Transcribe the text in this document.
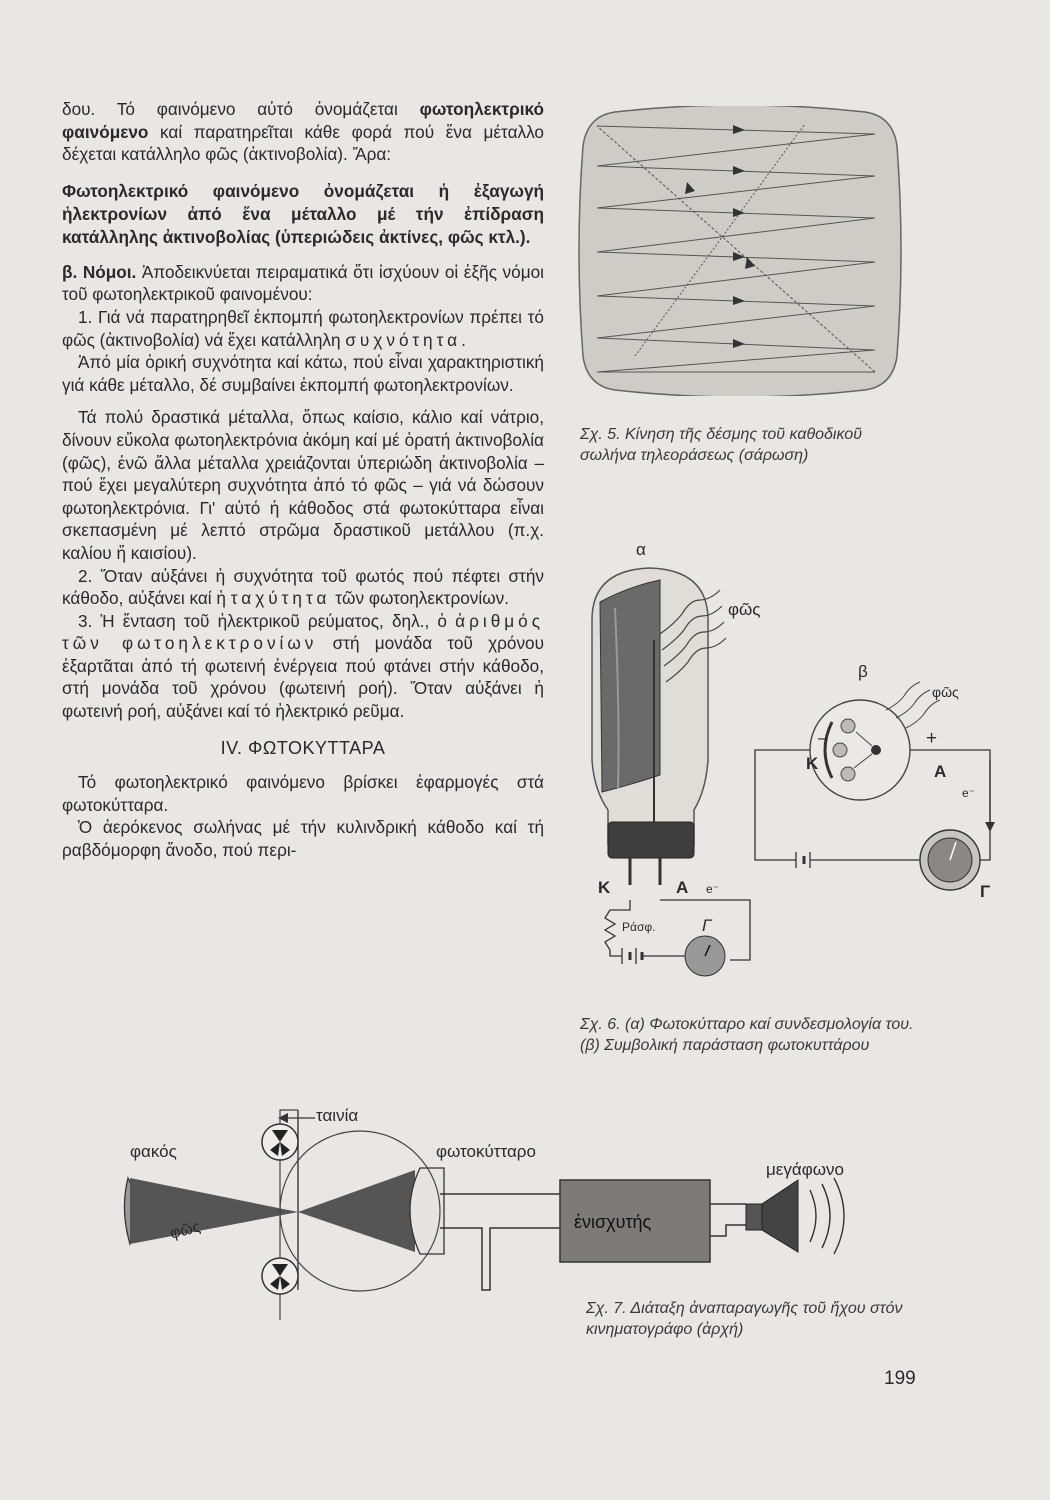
δου. Τό φαινόμενο αὐτό ὀνομάζεται φωτοηλεκτρικό φαινόμενο καί παρατηρεῖται κάθε φορά πού ἕνα μέταλλο δέχεται κατάλληλο φῶς (ἀκτινοβολία). Ἄρα:

Φωτοηλεκτρικό φαινόμενο ὀνομάζεται ἡ ἐξαγωγή ἠλεκτρονίων ἀπό ἕνα μέταλλο μέ τήν ἐπίδραση κατάλληλης ἀκτινοβολίας (ὑπεριώδεις ἀκτίνες, φῶς κτλ.).

β. Νόμοι. Ἀποδεικνύεται πειραματικά ὅτι ἰσχύουν οἱ ἑξῆς νόμοι τοῦ φωτοηλεκτρικοῦ φαινομένου:

1. Γιά νά παρατηρηθεῖ ἐκπομπή φωτοηλεκτρονίων πρέπει τό φῶς (ἀκτινοβολία) νά ἔχει κατάλληλη συχνότητα.

Ἀπό μία ὁρική συχνότητα καί κάτω, πού εἶναι χαρακτηριστική γιά κάθε μέταλλο, δέ συμβαίνει ἐκπομπή φωτοηλεκτρονίων.

Τά πολύ δραστικά μέταλλα, ὅπως καίσιο, κάλιο καί νάτριο, δίνουν εὔκολα φωτοηλεκτρόνια ἀκόμη καί μέ ὁρατή ἀκτινοβολία (φῶς), ἐνῶ ἄλλα μέταλλα χρειάζονται ὑπεριώδη ἀκτινοβολία – πού ἔχει μεγαλύτερη συχνότητα ἀπό τό φῶς – γιά νά δώσουν φωτοηλεκτρόνια. Γι' αὐτό ἡ κάθοδος στά φωτοκύτταρα εἶναι σκεπασμένη μέ λεπτό στρῶμα δραστικοῦ μετάλλου (π.χ. καλίου ἤ καισίου).

2. Ὅταν αὐξάνει ἡ συχνότητα τοῦ φωτός πού πέφτει στήν κάθοδο, αὐξάνει καί ἡ ταχύτητα τῶν φωτοηλεκτρονίων.

3. Ἡ ἔνταση τοῦ ἠλεκτρικοῦ ρεύματος, δηλ., ὁ ἀριθμός τῶν φωτοηλεκτρονίων στή μονάδα τοῦ χρόνου ἐξαρτᾶται ἀπό τή φωτεινή ἐνέργεια πού φτάνει στήν κάθοδο, στή μονάδα τοῦ χρόνου (φωτεινή ροή). Ὅταν αὐξάνει ἡ φωτεινή ροή, αὐξάνει καί τό ἠλεκτρικό ρεῦμα.

IV. ΦΩΤΟΚΥΤΤΑΡΑ

Τό φωτοηλεκτρικό φαινόμενο βρίσκει ἐφαρμογές στά φωτοκύτταρα.

Ὁ ἀερόκενος σωλήνας μέ τήν κυλινδρική κάθοδο καί τή ραβδόμορφη ἄνοδο, πού περι-

Σχ. 5. Κίνηση τῆς δέσμης τοῦ καθοδικοῦ σωλήνα τηλεοράσεως (σάρωση)
α
φῶς
β
φῶς
–	+
Κ	Α
e⁻
Γ
Κ	Α e⁻
Ράσφ.	Γ
Σχ. 6. (α) Φωτοκύτταρο καί συνδεσμολογία του. (β) Συμβολική παράσταση φωτοκυττάρου
ταινία
φακός	φωτοκύτταρο
μεγάφωνο
ἐνισχυτής
φῶς
Σχ. 7. Διάταξη ἀναπαραγωγῆς τοῦ ἤχου στόν κινηματογράφο (ἀρχή)
199
